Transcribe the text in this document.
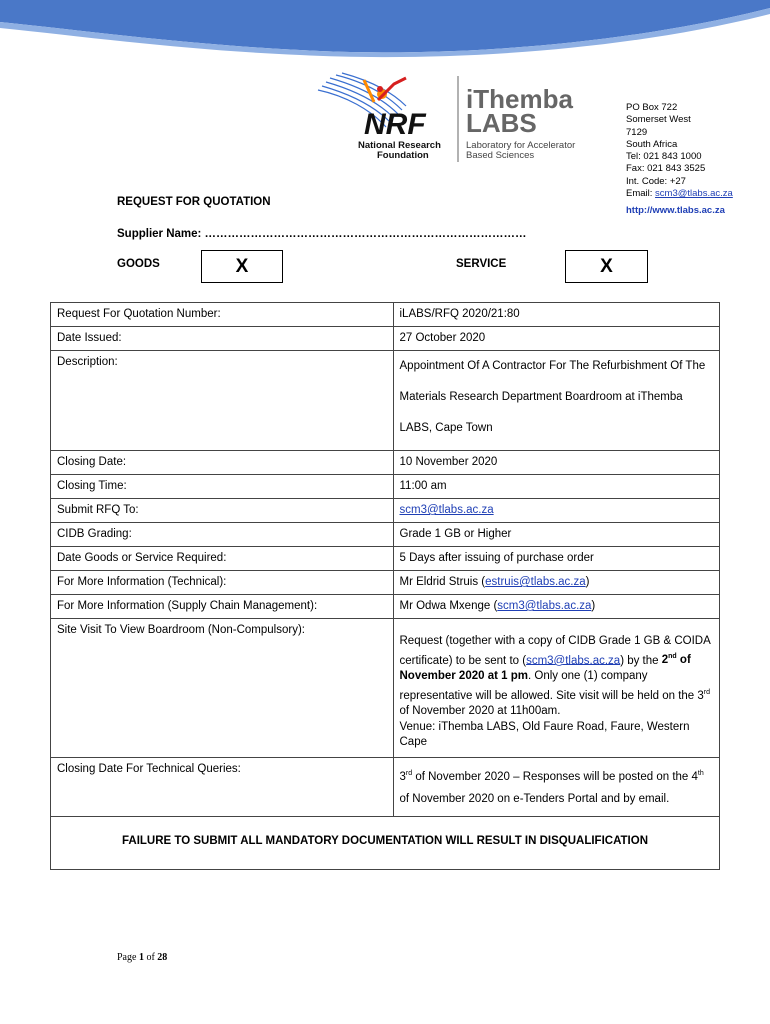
NRF
National Research
Foundation
iThemba
LABS
Laboratory for Accelerator
Based Sciences
PO Box 722
Somerset West
7129
South Africa
Tel: 021 843 1000
Fax: 021 843 3525
Int. Code: +27
Email: scm3@tlabs.ac.za
http://www.tlabs.ac.za
REQUEST FOR QUOTATION
Supplier Name: …………………………………………………………………………
GOODS	X	SERVICE	X
Request For Quotation Number:	iLABS/RFQ 2020/21:80
Date Issued:	27 October 2020
Description:	Appointment Of A Contractor For The Refurbishment Of The
Materials Research Department Boardroom at iThemba
LABS, Cape Town

Closing Date:	10 November 2020
Closing Time:	11:00 am
Submit RFQ To:	scm3@tlabs.ac.za
CIDB Grading:	Grade 1 GB or Higher
Date Goods or Service Required:	5 Days after issuing of purchase order
For More Information (Technical):	Mr Eldrid Struis (estruis@tlabs.ac.za)
For More Information (Supply Chain Management):	Mr Odwa Mxenge (scm3@tlabs.ac.za)
Site Visit To View Boardroom (Non-Compulsory):	Request (together with a copy of CIDB Grade 1 GB & COIDA certificate) to be sent to (scm3@tlabs.ac.za) by the 2nd of November 2020 at 1 pm. Only one (1) company representative will be allowed. Site visit will be held on the 3rd of November 2020 at 11h00am.
Venue: iThemba LABS, Old Faure Road, Faure, Western Cape

Closing Date For Technical Queries:	3rd of November 2020 – Responses will be posted on the 4th
of November 2020 on e-Tenders Portal and by email.

FAILURE TO SUBMIT ALL MANDATORY DOCUMENTATION WILL RESULT IN DISQUALIFICATION	
Page 1 of 28
